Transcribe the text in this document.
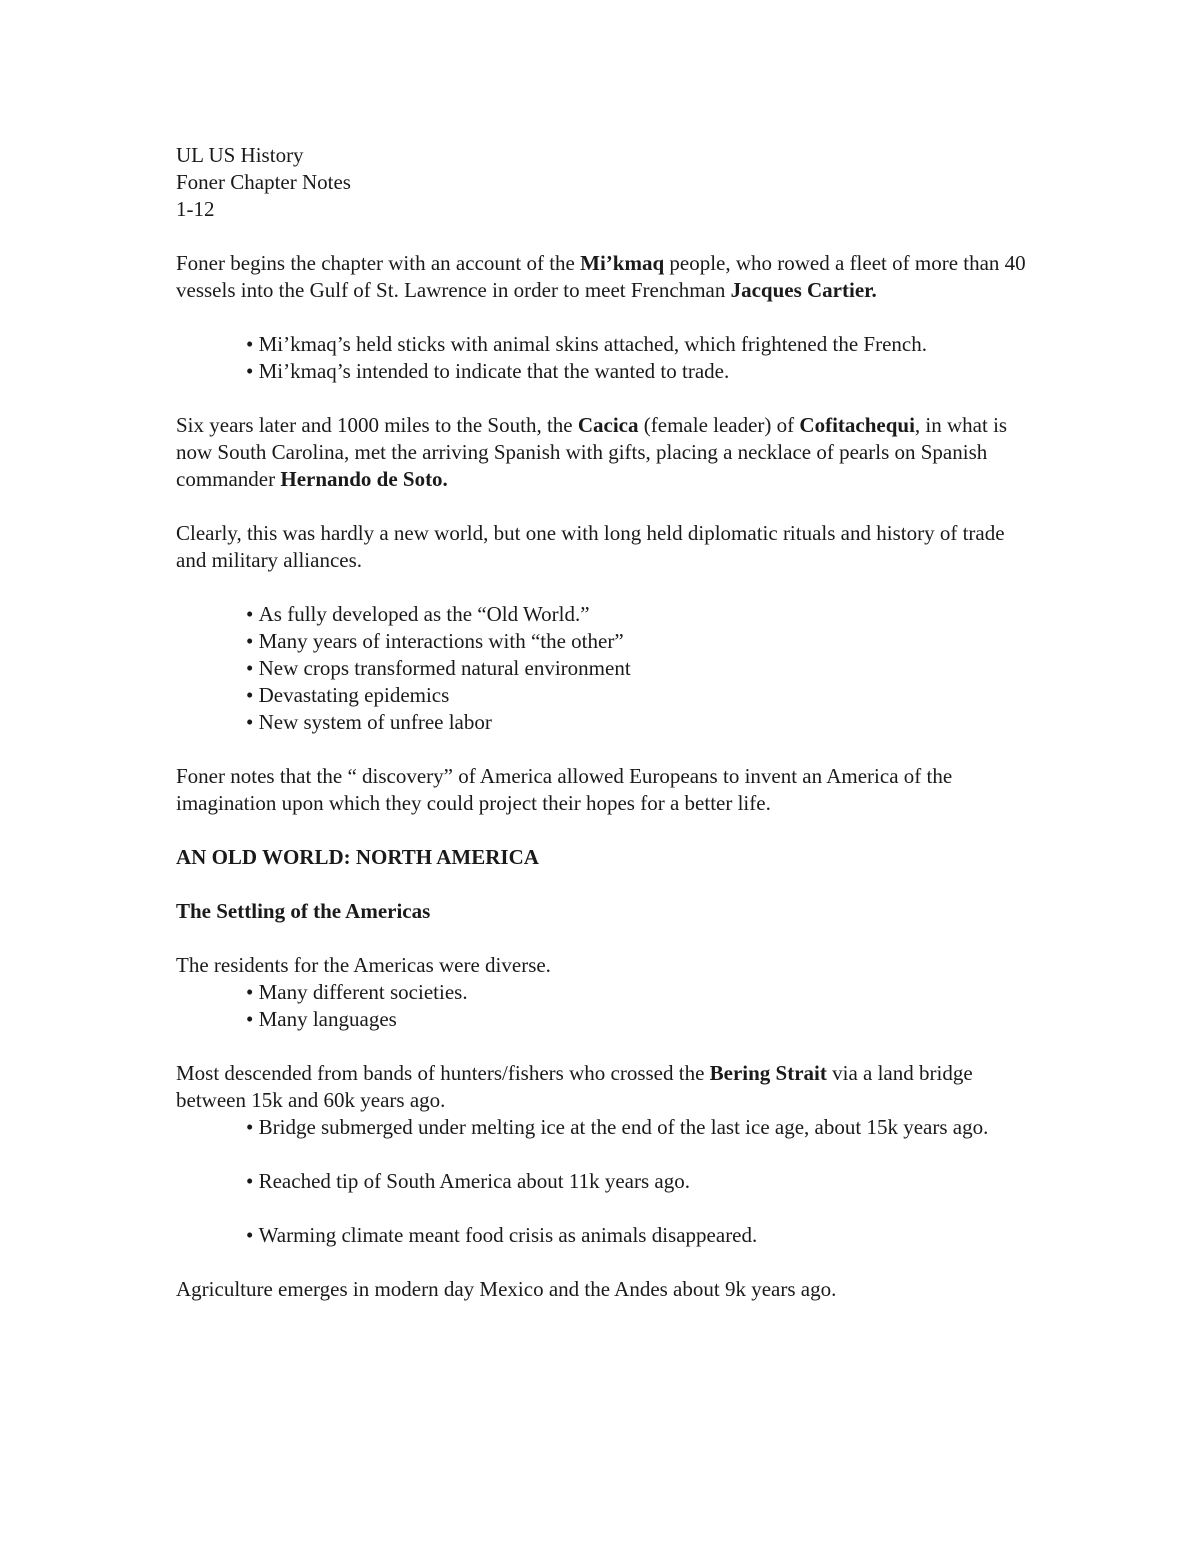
UL US History

Foner Chapter Notes

1-12

Foner begins the chapter with an account of the Mi’kmaq people, who rowed a fleet of more than 40 vessels into the Gulf of St. Lawrence in order to meet Frenchman Jacques Cartier.

• Mi’kmaq’s held sticks with animal skins attached, which frightened the French.
• Mi’kmaq’s intended to indicate that the wanted to trade.

Six years later and 1000 miles to the South, the Cacica (female leader) of Cofitachequi, in what is now South Carolina, met the arriving Spanish with gifts, placing a necklace of pearls on Spanish commander Hernando de Soto.

Clearly, this was hardly a new world, but one with long held diplomatic rituals and history of trade and military alliances.

• As fully developed as the “Old World.”
• Many years of interactions with “the other”
• New crops transformed natural environment
• Devastating epidemics
• New system of unfree labor

Foner notes that the “ discovery” of America allowed Europeans to invent an America of the imagination upon which they could project their hopes for a better life.

AN OLD WORLD: NORTH AMERICA
The Settling of the Americas

The residents for the Americas were diverse.

• Many different societies.
• Many languages

Most descended from bands of hunters/fishers who crossed the Bering Strait via a land bridge between 15k and 60k years ago.

• Bridge submerged under melting ice at the end of the last ice age, about 15k years ago.
• Reached tip of South America about 11k years ago.
• Warming climate meant food crisis as animals disappeared.

Agriculture emerges in modern day Mexico and the Andes about 9k years ago.
